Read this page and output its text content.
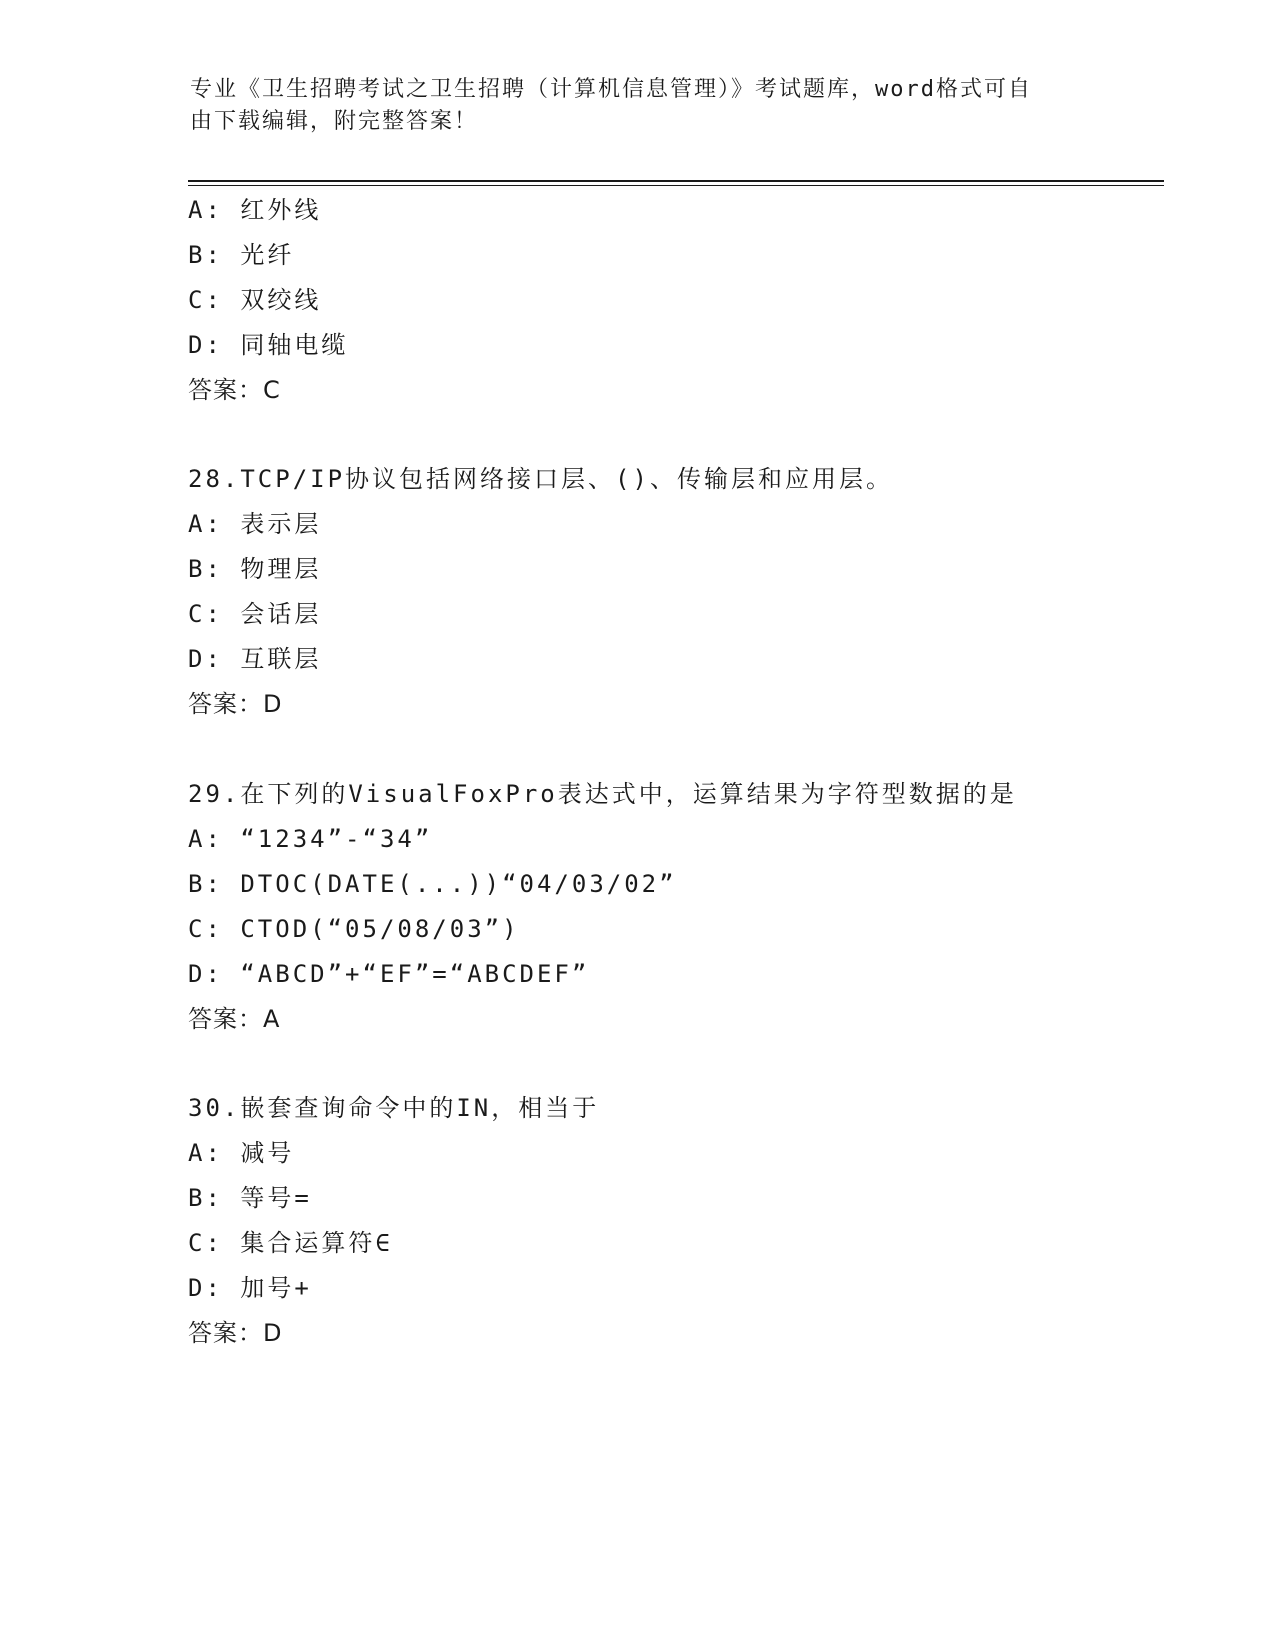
专业《卫生招聘考试之卫生招聘（计算机信息管理）》考试题库，word格式可自
由下载编辑，附完整答案！
A: 红外线
B: 光纤
C: 双绞线
D: 同轴电缆
答案：C
28.TCP/IP协议包括网络接口层、()、传输层和应用层。
A: 表示层
B: 物理层
C: 会话层
D: 互联层
答案：D
29.在下列的VisualFoxPro表达式中，运算结果为字符型数据的是
A: “1234”-“34”
B: DTOC(DATE(...))“04/03/02”
C: CTOD(“05/08/03”)
D: “ABCD”+“EF”=“ABCDEF”
答案：A
30.嵌套查询命令中的IN，相当于
A: 减号
B: 等号=
C: 集合运算符∈
D: 加号+
答案：D
